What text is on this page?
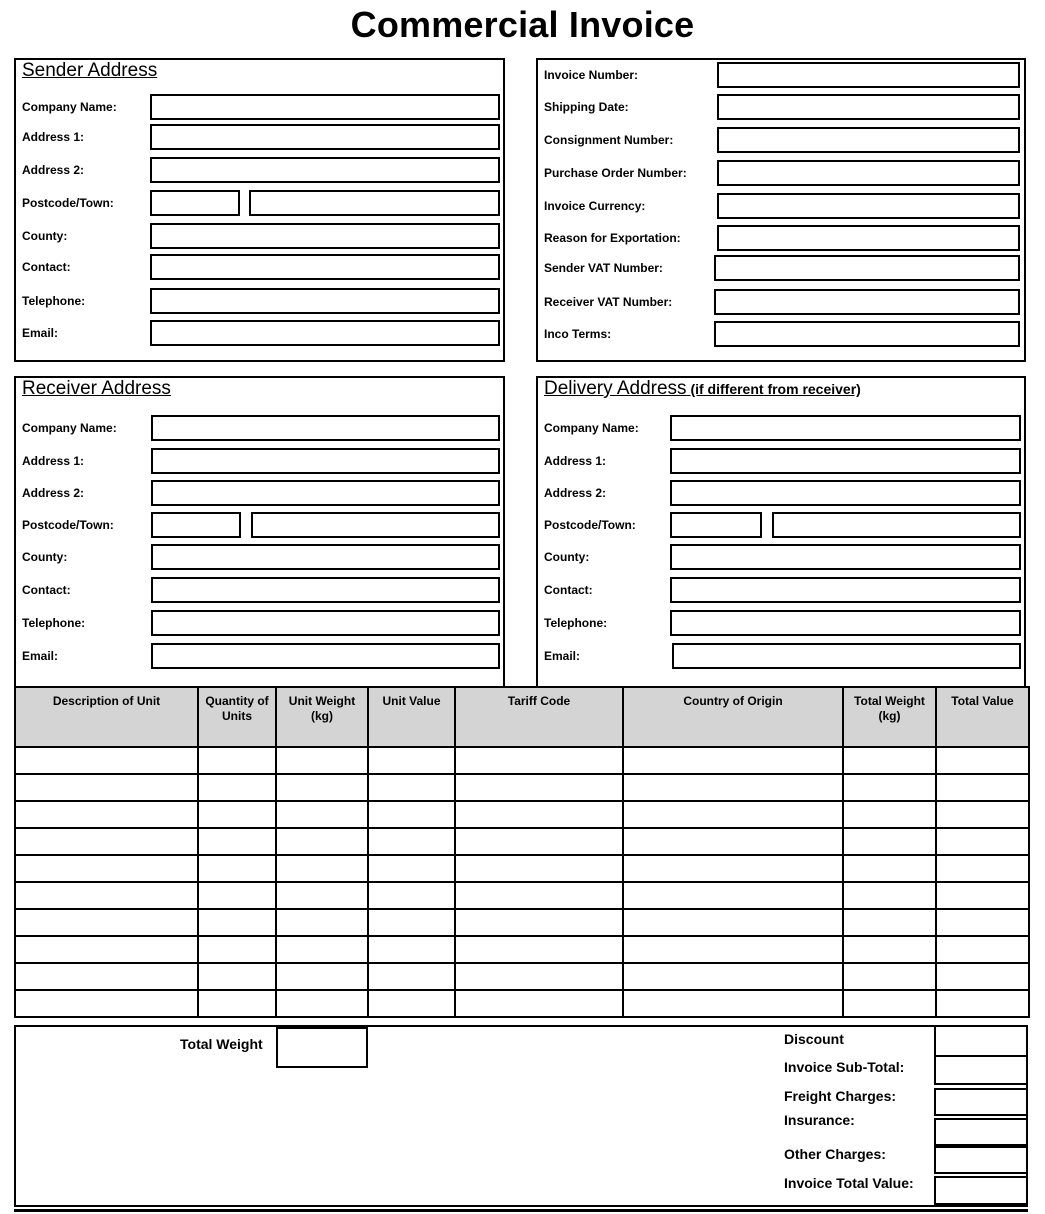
Commercial Invoice
Sender Address
Company Name:
Address 1:
Address 2:
Postcode/Town:
County:
Contact:
Telephone:
Email:
Invoice Number:
Shipping Date:
Consignment Number:
Purchase Order Number:
Invoice Currency:
Reason for Exportation:
Sender VAT Number:
Receiver VAT Number:
Inco Terms:
Receiver Address
Company Name:
Address 1:
Address 2:
Postcode/Town:
County:
Contact:
Telephone:
Email:
Delivery Address (if different from receiver)
Company Name:
Address 1:
Address 2:
Postcode/Town:
County:
Contact:
Telephone:
Email:
Description of Unit	Quantity of Units	Unit Weight (kg)	Unit Value	Tariff Code	Country of Origin	Total Weight (kg)	Total Value

Total Weight	Discount
Invoice Sub-Total:
Freight Charges:
Insurance:
Other Charges:
Invoice Total Value:
